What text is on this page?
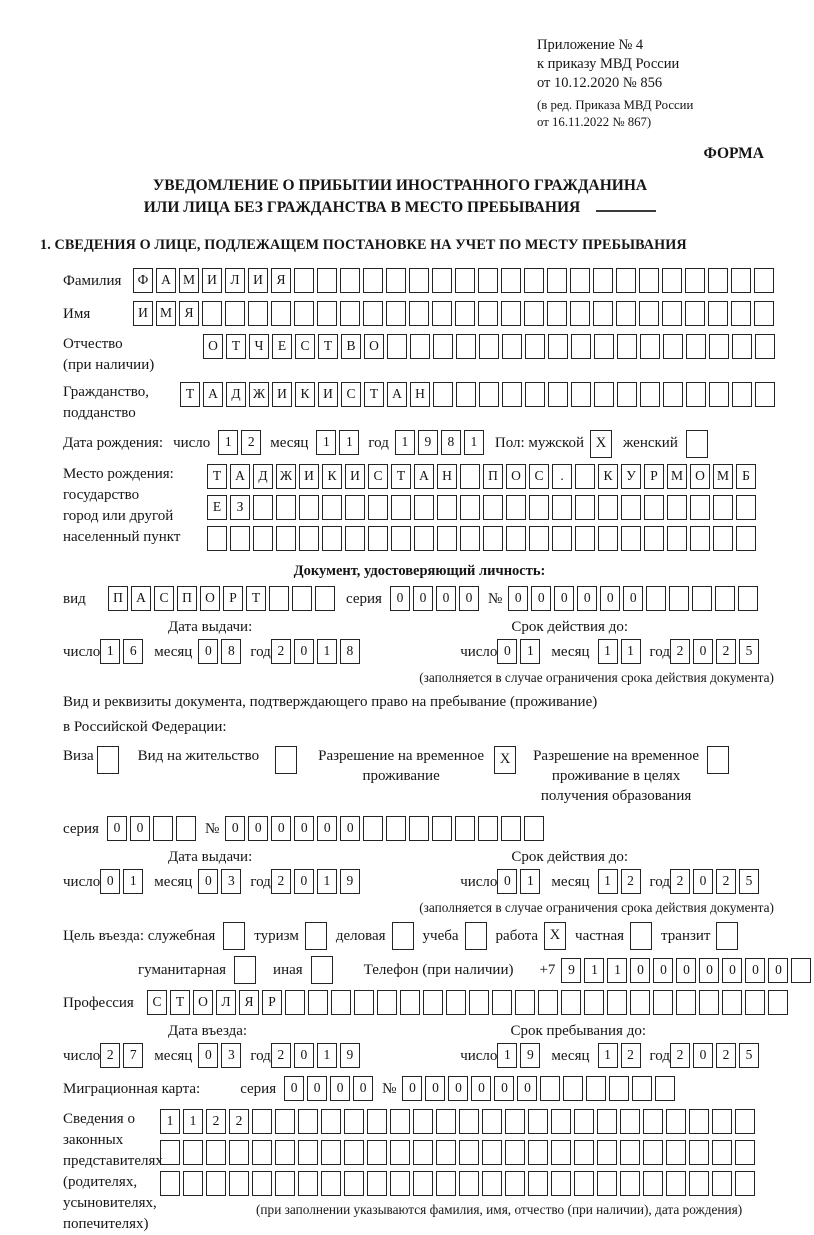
Приложение № 4
к приказу МВД России
от 10.12.2020 № 856
(в ред. Приказа МВД России
от 16.11.2022 № 867)
ФОРМА
УВЕДОМЛЕНИЕ О ПРИБЫТИИ ИНОСТРАННОГО ГРАЖДАНИНА
ИЛИ ЛИЦА БЕЗ ГРАЖДАНСТВА В МЕСТО ПРЕБЫВАНИЯ
1. СВЕДЕНИЯ О ЛИЦЕ, ПОДЛЕЖАЩЕМ ПОСТАНОВКЕ НА УЧЕТ ПО МЕСТУ ПРЕБЫВАНИЯ
Фамилия	Ф А М И	Л	И	Я
Имя	И М Я
Отчество
(при наличии)
О	Т	Ч	Е	С	Т	В	О
Гражданство,
подданство
Т	А	Д Ж И	К	И	С	Т	А Н
Дата рождения: число	1	2	месяц	1	1	год 1	9	8	1	Пол: мужской X	женский
Место рождения:
государство
город или другой
населенный пункт
Т	А	Д Ж И	К	И	С	Т	А Н	П О	С	.	К	У	Р М О М Б
Е	З
Документ, удостоверяющий личность:
вид	П А	С	П О	Р	Т	серия	0	0	0	0	№ 0	0	0	0	0	0
Дата выдачи:	Срок действия до:
число 1	6	месяц 0	8	год 2	0	1	8	число 0	1	месяц	1	1	год 2	0	2	5
(заполняется в случае ограничения срока действия документа)
Вид и реквизиты документа, подтверждающего право на пребывание (проживание)
в Российской Федерации:
Виза	Вид на жительство	Разрешение на временное
проживание
X	Разрешение на временное
проживание в целях
получения образования
серия	0	0	№ 0	0	0	0	0	0
Дата выдачи:	Срок действия до:
число 0	1	месяц 0	3	год 2	0	1	9	число 0	1	месяц	1	2	год 2	0	2	5
(заполняется в случае ограничения срока действия документа)
Цель въезда: служебная	туризм деловая учеба работа X частная транзит
гуманитарная	иная	Телефон (при наличии) +7 9	1	1	0	0	0	0	0	0	0
Профессия	С	Т	О	Л	Я	Р
Дата въезда:	Срок пребывания до:
число 2	7	месяц 0	3	год 2	0	1	9	число 1	9	месяц	1	2	год 2	0	2	5
Миграционная карта:	серия	0	0	0	0	№ 0	0	0	0	0	0
Сведения о
законных
представителях
(родителях,
усыновителях,
попечителях)
1	1	2	2
(при заполнении указываются фамилия, имя, отчество (при наличии), дата рождения)
